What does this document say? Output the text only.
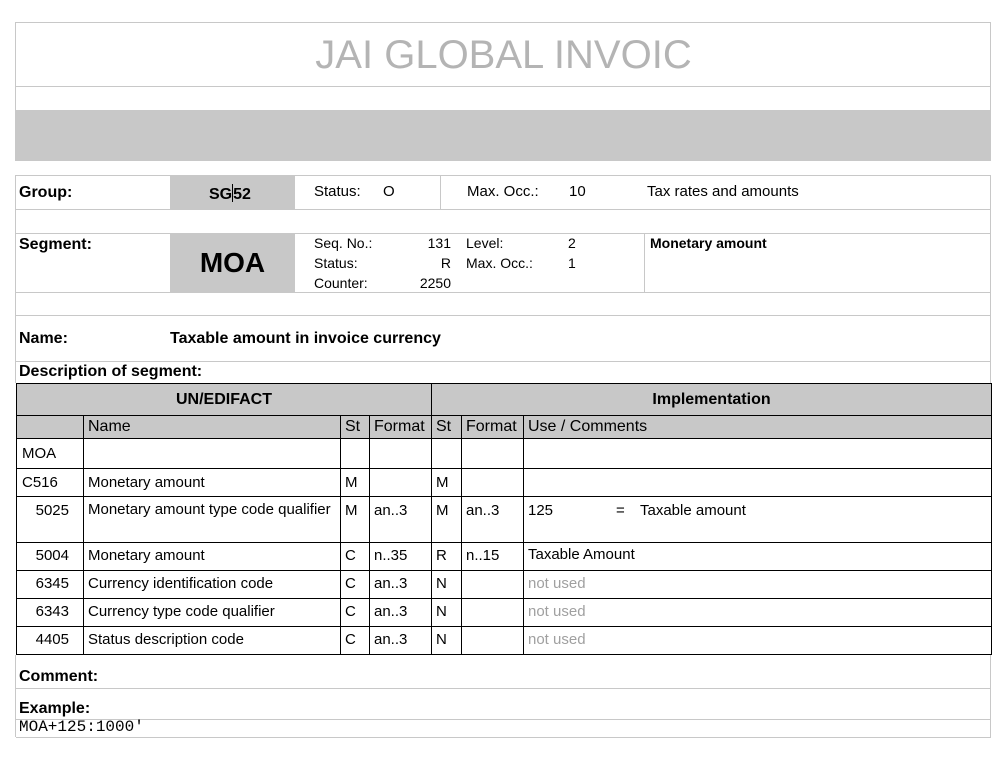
JAI GLOBAL INVOIC
Group:	SG52	Status: O	Max. Occ.: 10	Tax rates and amounts
Segment:
MOA
Seq. No.:	131
Status:	R
Counter:	2250
Level:	2
Max. Occ.:	1
Monetary amount
Name:	Taxable amount in invoice currency
Description of segment:
UN/EDIFACT				Implementation		
	Name	St	Format	St	Format	Use / Comments
MOA						
C516	Monetary amount	M		M		
5025	Monetary amount type code qualifier	M	an..3	M	an..3	125 = Taxable amount
5004	Monetary amount	C	n..35	R	n..15	Taxable Amount
6345	Currency identification code	C	an..3	N		not used
6343	Currency type code qualifier	C	an..3	N		not used
4405	Status description code	C	an..3	N		not used
Comment:
Example:
MOA+125:1000'
